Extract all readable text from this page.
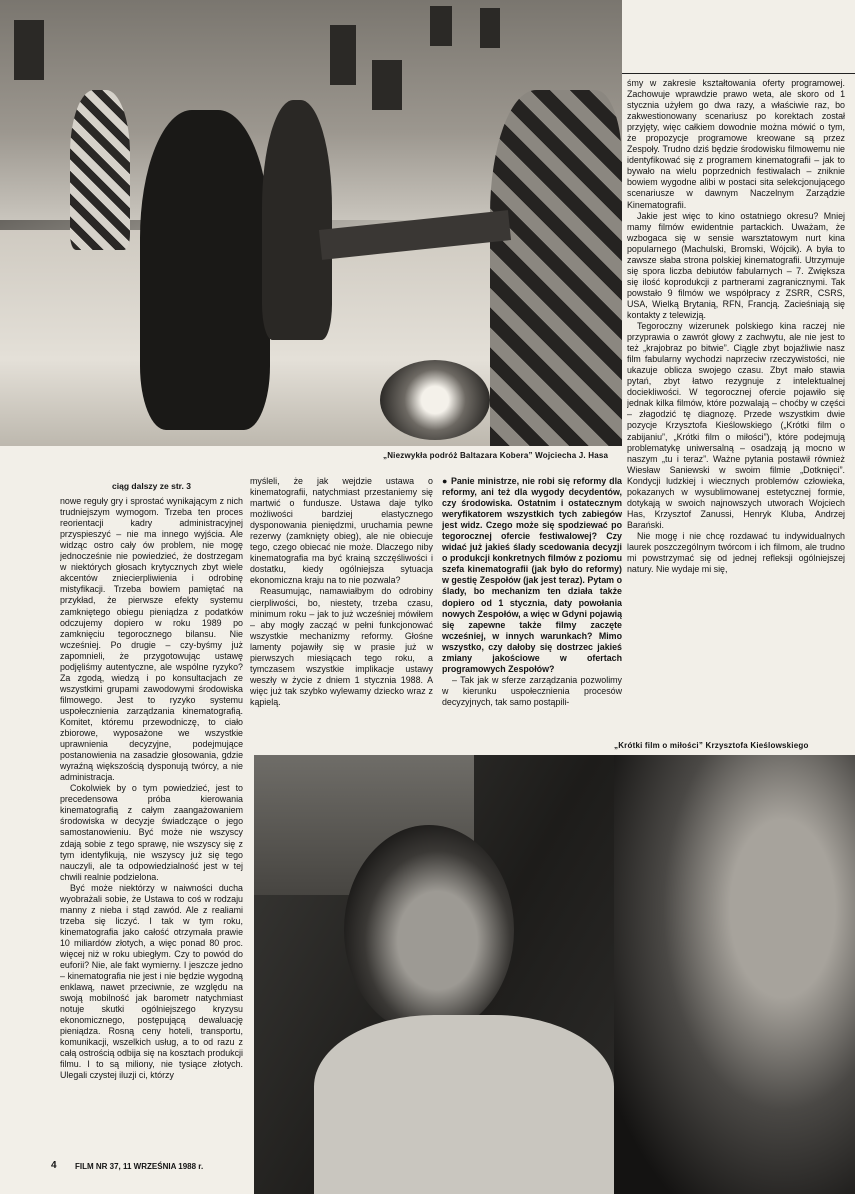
„Niezwykła podróż Baltazara Kobera” Wojciecha J. Hasa
ciąg dalszy ze str. 3

nowe reguły gry i sprostać wynikającym z nich trudniejszym wymogom. Trzeba ten proces reorientacji kadry administracyjnej przyspieszyć – nie ma innego wyjścia. Ale widząc ostro cały ów problem, nie mogę jednocześnie nie powiedzieć, że dostrzegam w niektórych głosach krytycznych zbyt wiele akcentów zniecierpliwienia i odrobinę mistyfikacji. Trzeba bowiem pamiętać na przykład, że pierwsze efekty systemu zamkniętego obiegu pieniądza z podatków odczujemy dopiero w roku 1989 po zamknięciu tegorocznego bilansu. Nie wcześniej. Po drugie – czy-byśmy już zapomnieli, że przygotowując ustawę podjęliśmy autentyczne, ale wspólne ryzyko? Za zgodą, wiedzą i po konsultacjach ze wszystkimi grupami zawodowymi środowiska filmowego. Jest to ryzyko systemu uspołecznienia zarządzania kinematografią. Komitet, któremu przewodniczę, to ciało zbiorowe, wyposażone we wszystkie uprawnienia decyzyjne, podejmujące postanowienia na zasadzie głosowania, gdzie wyraźną większością dysponują twórcy, a nie administracja.

Cokolwiek by o tym powiedzieć, jest to precedensowa próba kierowania kinematografią z całym zaangażowaniem środowiska w decyzje świadczące o jego samostanowieniu. Być może nie wszyscy zdają sobie z tego sprawę, nie wszyscy się z tym identyfikują, nie wszyscy już się tego nauczyli, ale ta odpowiedzialność jest w tej chwili realnie podzielona.

Być może niektórzy w naiwności ducha wyobrażali sobie, że Ustawa to coś w rodzaju manny z nieba i stąd zawód. Ale z realiami trzeba się liczyć. I tak w tym roku, kinematografia jako całość otrzymała prawie 10 miliardów złotych, a więc ponad 80 proc. więcej niż w roku ubiegłym. Czy to powód do euforii? Nie, ale fakt wymierny. I jeszcze jedno – kinematografia nie jest i nie będzie wygodną enklawą, nawet przeciwnie, ze względu na swoją mobilność jak barometr natychmiast notuje skutki ogólniejszego kryzysu ekonomicznego, postępującą dewaluację pieniądza. Rosną ceny hoteli, transportu, komunikacji, wszelkich usług, a to od razu z całą ostrością odbija się na kosztach produkcji filmu. I to są miliony, nie tysiące złotych. Ulegali czystej iluzji ci, którzy

myśleli, że jak wejdzie ustawa o kinematografii, natychmiast przestaniemy się martwić o fundusze. Ustawa daje tylko możliwości bardziej elastycznego dysponowania pieniędzmi, uruchamia pewne rezerwy (zamknięty obieg), ale nie obiecuje tego, czego obiecać nie może. Dlaczego niby kinematografia ma być krainą szczęśliwości i dostatku, kiedy ogólniejsza sytuacja ekonomiczna kraju na to nie pozwala?

Reasumując, namawiałbym do odrobiny cierpliwości, bo, niestety, trzeba czasu, minimum roku – jak to już wcześniej mówiłem – aby mogły zacząć w pełni funkcjonować wszystkie mechanizmy reformy. Głośne lamenty pojawiły się w prasie już w pierwszych miesiącach tego roku, a tymczasem wszystkie implikacje ustawy weszły w życie z dniem 1 stycznia 1988. A więc już tak szybko wylewamy dziecko wraz z kąpielą.

● Panie ministrze, nie robi się reformy dla reformy, ani też dla wygody decydentów, czy środowiska. Ostatnim i ostatecznym weryfikatorem wszystkich tych zabiegów jest widz. Czego może się spodziewać po tegorocznej ofercie festiwalowej? Czy widać już jakieś ślady scedowania decyzji o produkcji konkretnych filmów z poziomu szefa kinematografii (jak było do reformy) w gestię Zespołów (jak jest teraz). Pytam o ślady, bo mechanizm ten działa także dopiero od 1 stycznia, daty powołania nowych Zespołów, a więc w Gdyni pojawią się zapewne także filmy zaczęte wcześniej, w innych warunkach? Mimo wszystko, czy dałoby się dostrzec jakieś zmiany jakościowe w ofertach programowych Zespołów?

– Tak jak w sferze zarządzania pozwolimy w kierunku uspołecznienia procesów decyzyjnych, tak samo postąpili-

śmy w zakresie kształtowania oferty programowej. Zachowuje wprawdzie prawo weta, ale skoro od 1 stycznia użyłem go dwa razy, a właściwie raz, bo zakwestionowany scenariusz po korektach został przyjęty, więc całkiem dowodnie można mówić o tym, że propozycje programowe kreowane są przez Zespoły. Trudno dziś będzie środowisku filmowemu nie identyfikować się z programem kinematografii – jak to bywało na wielu poprzednich festiwalach – zniknie bowiem wygodne alibi w postaci sita selekcjonującego scenariusze w dawnym Naczelnym Zarządzie Kinematografii.

Jakie jest więc to kino ostatniego okresu? Mniej mamy filmów ewidentnie partackich. Uważam, że wzbogaca się w sensie warsztatowym nurt kina popularnego (Machulski, Bromski, Wójcik). A była to zawsze słaba strona polskiej kinematografii. Utrzymuje się spora liczba debiutów fabularnych – 7. Zwiększa się ilość koprodukcji z partnerami zagranicznymi. Tak powstało 9 filmów we współpracy z ZSRR, CSRS, USA, Wielką Brytanią, RFN, Francją. Zacieśniają się kontakty z telewizją.

Tegoroczny wizerunek polskiego kina raczej nie przyprawia o zawrót głowy z zachwytu, ale nie jest to też „krajobraz po bitwie”. Ciągle zbyt bojaźliwie nasz film fabularny wychodzi naprzeciw rzeczywistości, nie ukazuje oblicza swojego czasu. Zbyt mało stawia pytań, zbyt łatwo rezygnuje z intelektualnej dociekliwości. W tegorocznej ofercie pojawiło się jednak kilka filmów, które pozwalają – choćby w części – złagodzić tę diagnozę. Przede wszystkim dwie pozycje Krzysztofa Kieślowskiego („Krótki film o zabijaniu”, „Krótki film o miłości”), które podejmują problematykę uniwersalną – osadzają ją mocno w naszym „tu i teraz”. Ważne pytania postawił również Wiesław Saniewski w swoim filmie „Dotknięci”. Kondycji ludzkiej i wiecznych problemów człowieka, pokazanych w wysublimowanej estetycznej formie, dotykają w swoich najnowszych utworach Wojciech Has, Krzysztof Zanussi, Henryk Kluba, Andrzej Barański.

Nie mogę i nie chcę rozdawać tu indywidualnych laurek poszczególnym twórcom i ich filmom, ale trudno mi powstrzymać się od jednej refleksji ogólniejszej natury. Nie wydaje mi się,

„Krótki film o miłości” Krzysztofa Kieślowskiego
4 FILM NR 37, 11 WRZEŚNIA 1988 r.
